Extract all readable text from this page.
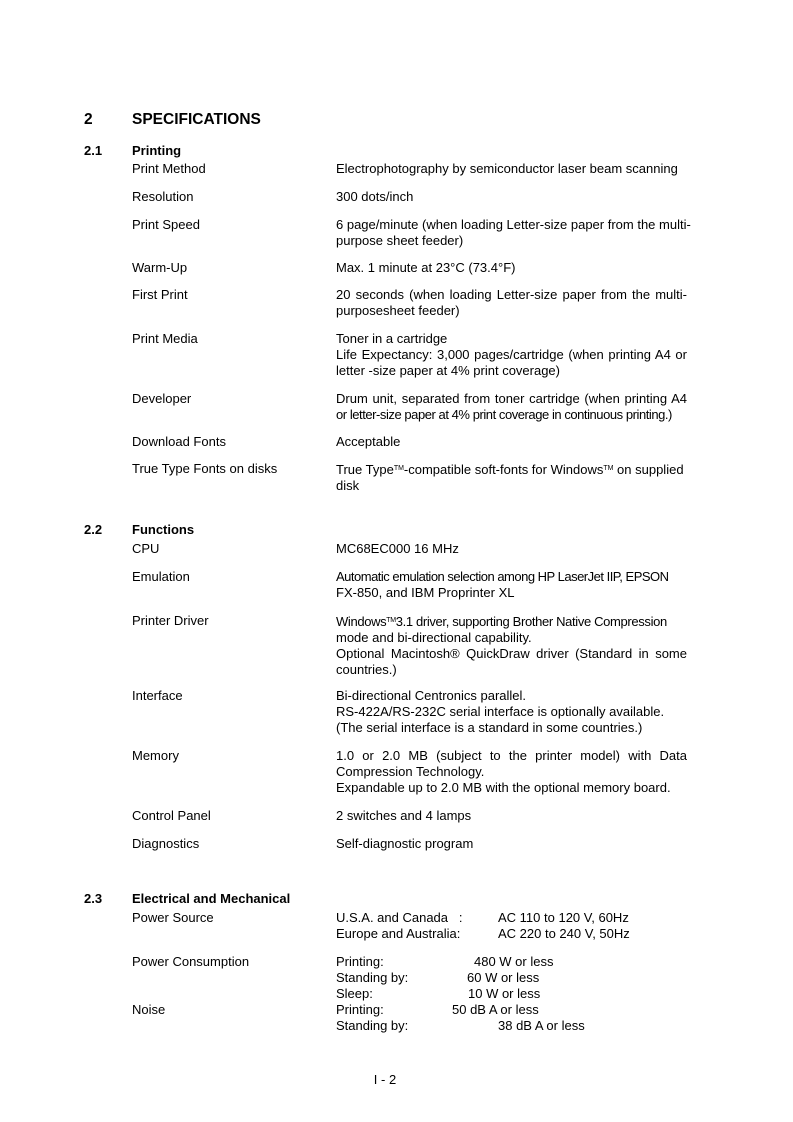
2	SPECIFICATIONS
2.1 Printing
Print Method	Electrophotography by semiconductor laser beam scanning
Resolution	300 dots/inch
Print Speed	6 page/minute (when loading Letter-size paper from the multi-
purpose sheet feeder)
Warm-Up	Max. 1 minute at 23°C (73.4°F)
First Print	20 seconds (when loading Letter-size paper from the multi-
purposesheet feeder)
Print Media	Toner in a cartridge
Life Expectancy: 3,000 pages/cartridge (when printing A4 or
letter -size paper at 4% print coverage)
Developer	Drum unit, separated from toner cartridge (when printing A4
or letter-size paper at 4% print coverage in continuous printing.)
Download Fonts	Acceptable
True Type Fonts on disks	True Type™-compatible soft-fonts for Windows™ on supplied
disk
2.2 Functions
CPU	MC68EC000 16 MHz
Emulation	Automatic emulation selection among HP LaserJet IIP, EPSON
FX-850, and IBM Proprinter XL
Printer Driver	Windows™3.1 driver, supporting Brother Native Compression
mode and bi-directional capability.
Optional Macintosh® QuickDraw driver (Standard in some
countries.)
Interface	Bi-directional Centronics parallel.
RS-422A/RS-232C serial interface is optionally available.
(The serial interface is a standard in some countries.)
Memory	1.0 or 2.0 MB (subject to the printer model) with Data
Compression Technology.
Expandable up to 2.0 MB with the optional memory board.
Control Panel	2 switches and 4 lamps
Diagnostics	Self-diagnostic program
2.3 Electrical and Mechanical
Power Source	U.S.A. and Canada   :	AC 110 to 120 V, 60Hz
Europe and Australia:	AC 220 to 240 V, 50Hz
Power Consumption	Printing:	480 W or less
Standing by:	60 W or less
Sleep:	10 W or less
Noise	Printing:	50 dB A or less
Standing by:	38 dB A or less
I - 2
